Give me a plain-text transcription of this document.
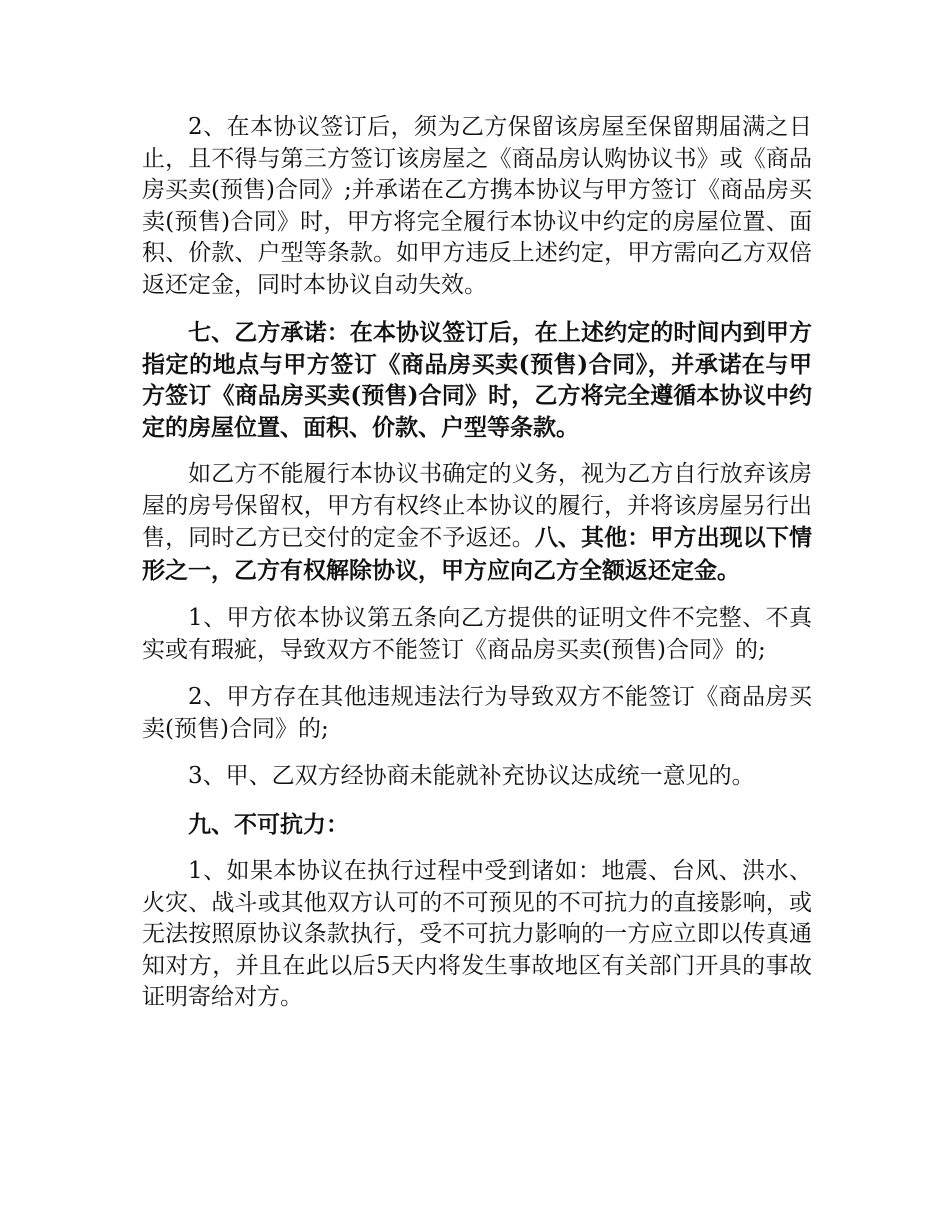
2、在本协议签订后，须为乙方保留该房屋至保留期届满之日止，且不得与第三方签订该房屋之《商品房认购协议书》或《商品房买卖(预售)合同》;并承诺在乙方携本协议与甲方签订《商品房买卖(预售)合同》时，甲方将完全履行本协议中约定的房屋位置、面积、价款、户型等条款。如甲方违反上述约定，甲方需向乙方双倍返还定金，同时本协议自动失效。

七、乙方承诺：在本协议签订后，在上述约定的时间内到甲方指定的地点与甲方签订《商品房买卖(预售)合同》，并承诺在与甲方签订《商品房买卖(预售)合同》时，乙方将完全遵循本协议中约定的房屋位置、面积、价款、户型等条款。

如乙方不能履行本协议书确定的义务，视为乙方自行放弃该房屋的房号保留权，甲方有权终止本协议的履行，并将该房屋另行出售，同时乙方已交付的定金不予返还。八、其他：甲方出现以下情形之一，乙方有权解除协议，甲方应向乙方全额返还定金。

1、甲方依本协议第五条向乙方提供的证明文件不完整、不真实或有瑕疵，导致双方不能签订《商品房买卖(预售)合同》的;

2、甲方存在其他违规违法行为导致双方不能签订《商品房买卖(预售)合同》的;

3、甲、乙双方经协商未能就补充协议达成统一意见的。

九、不可抗力：

1、如果本协议在执行过程中受到诸如：地震、台风、洪水、火灾、战斗或其他双方认可的不可预见的不可抗力的直接影响，或无法按照原协议条款执行，受不可抗力影响的一方应立即以传真通知对方，并且在此以后5天内将发生事故地区有关部门开具的事故证明寄给对方。
